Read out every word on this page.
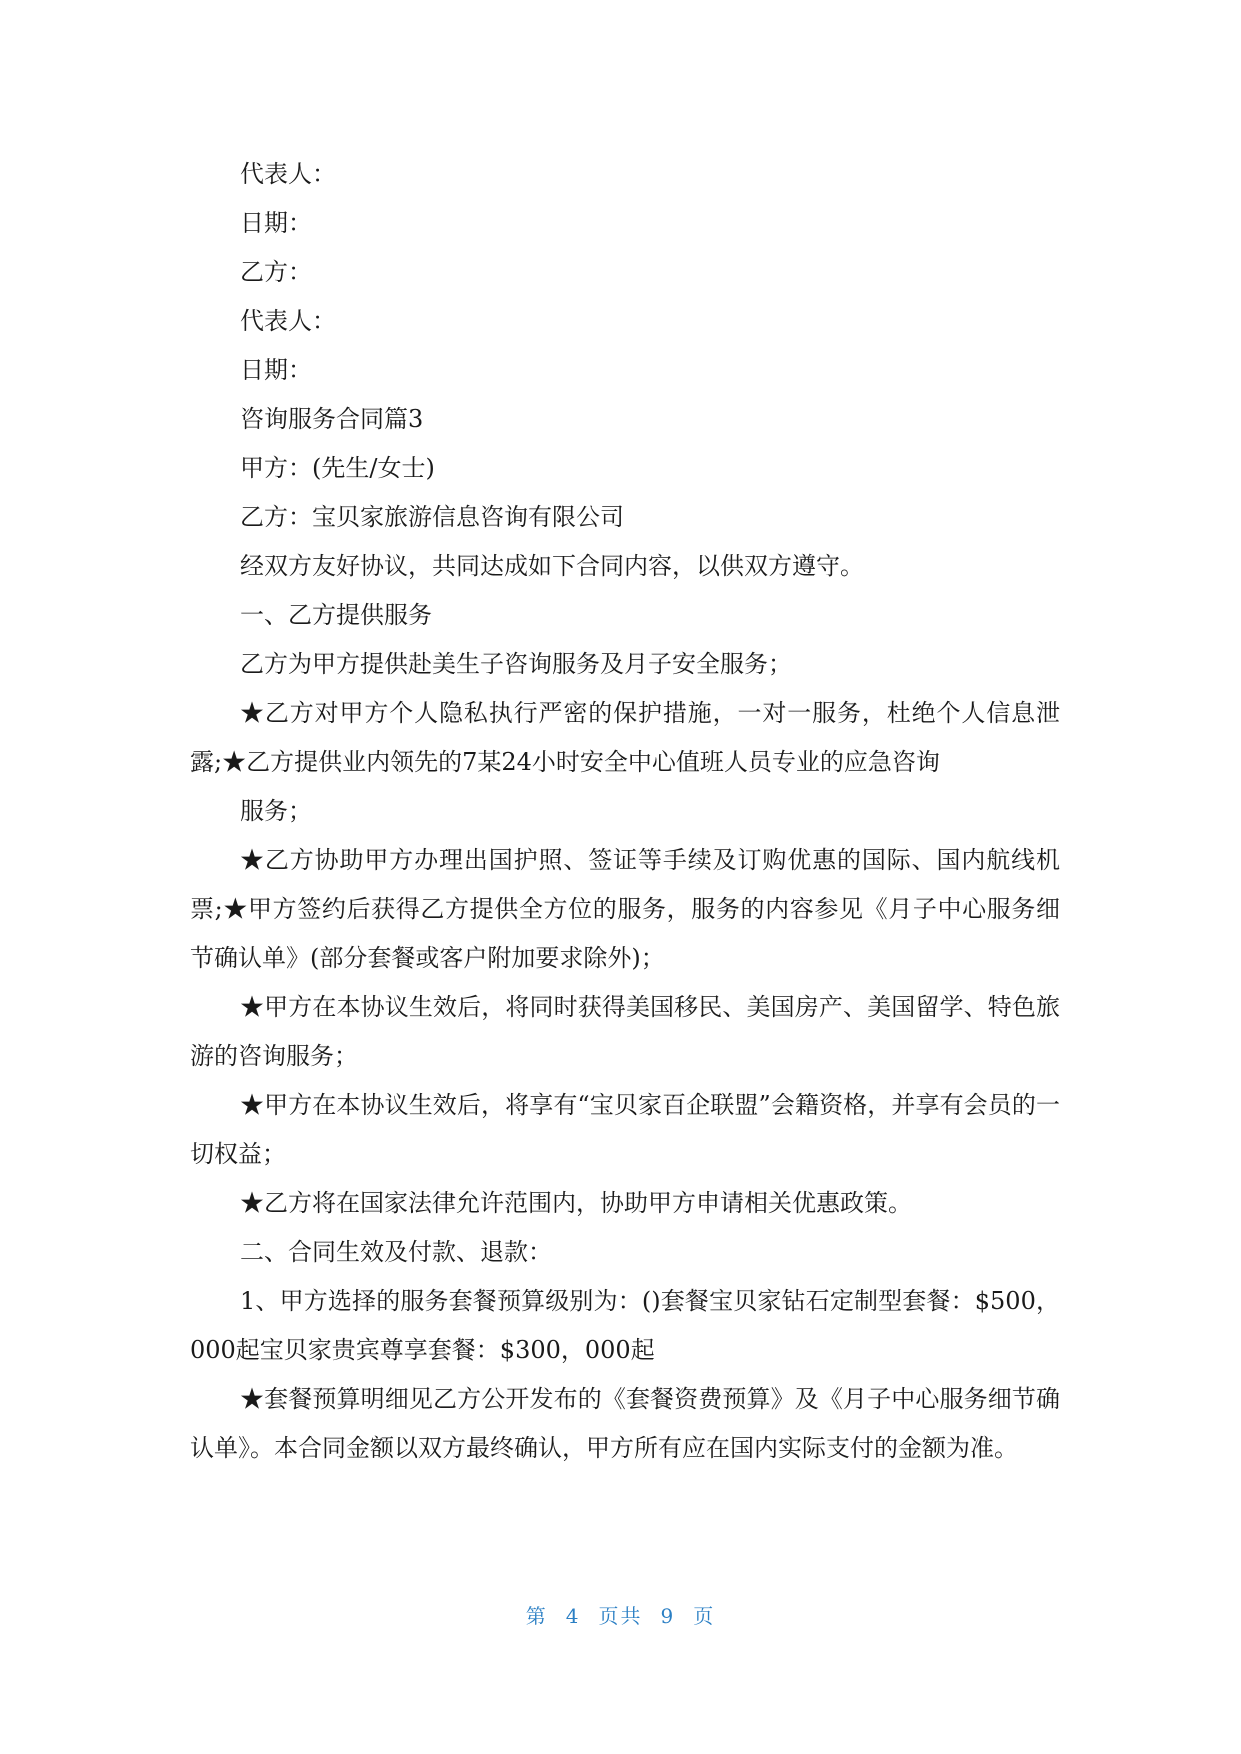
代表人：
日期：
乙方：
代表人：
日期：
咨询服务合同篇3
甲方：(先生/女士)
乙方：宝贝家旅游信息咨询有限公司
经双方友好协议，共同达成如下合同内容，以供双方遵守。
一、乙方提供服务
乙方为甲方提供赴美生子咨询服务及月子安全服务；
★乙方对甲方个人隐私执行严密的保护措施，一对一服务，杜绝个人信息泄露;★乙方提供业内领先的7某24小时安全中心值班人员专业的应急咨询
服务；
★乙方协助甲方办理出国护照、签证等手续及订购优惠的国际、国内航线机票;★甲方签约后获得乙方提供全方位的服务，服务的内容参见《月子中心服务细节确认单》(部分套餐或客户附加要求除外)；
★甲方在本协议生效后，将同时获得美国移民、美国房产、美国留学、特色旅游的咨询服务；
★甲方在本协议生效后，将享有“宝贝家百企联盟”会籍资格，并享有会员的一切权益；
★乙方将在国家法律允许范围内，协助甲方申请相关优惠政策。
二、合同生效及付款、退款：
1、甲方选择的服务套餐预算级别为：()套餐宝贝家钻石定制型套餐：$500，000起宝贝家贵宾尊享套餐：$300，000起
★套餐预算明细见乙方公开发布的《套餐资费预算》及《月子中心服务细节确认单》。本合同金额以双方最终确认，甲方所有应在国内实际支付的金额为准。
第 4 页共 9 页
